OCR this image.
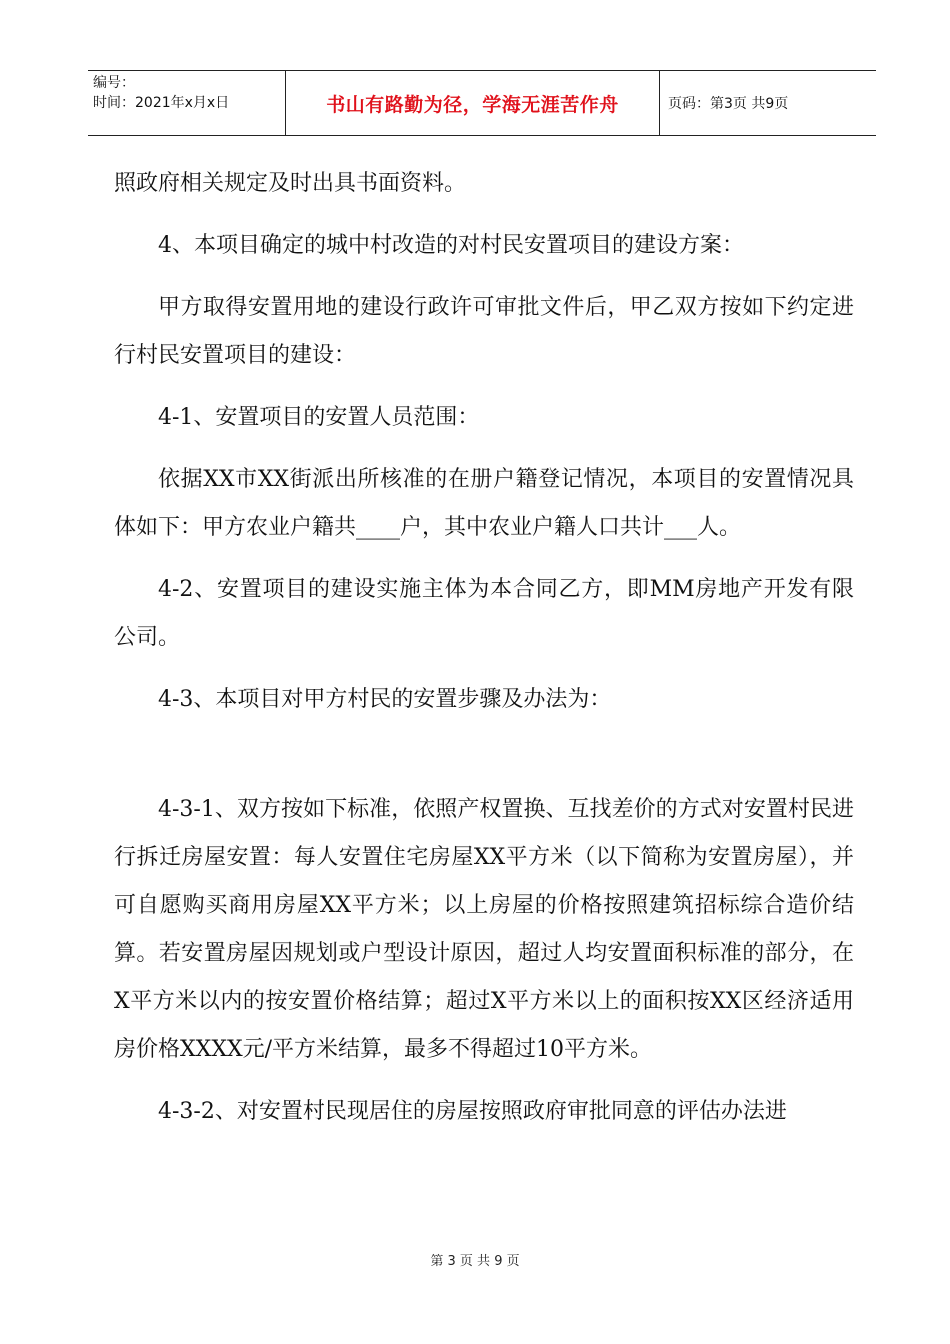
编号：
时间：2021年x月x日	书山有路勤为径，学海无涯苦作舟	页码：第3页 共9页

照政府相关规定及时出具书面资料。

4、本项目确定的城中村改造的对村民安置项目的建设方案：

甲方取得安置用地的建设行政许可审批文件后，甲乙双方按如下约定进行村民安置项目的建设：

4-1、安置项目的安置人员范围：

依据XX市XX街派出所核准的在册户籍登记情况，本项目的安置情况具体如下：甲方农业户籍共____户，其中农业户籍人口共计___人。

4-2、安置项目的建设实施主体为本合同乙方，即MM房地产开发有限公司。

4-3、本项目对甲方村民的安置步骤及办法为：

4-3-1、双方按如下标准，依照产权置换、互找差价的方式对安置村民进行拆迁房屋安置：每人安置住宅房屋XX平方米（以下简称为安置房屋），并可自愿购买商用房屋XX平方米；以上房屋的价格按照建筑招标综合造价结算。若安置房屋因规划或户型设计原因，超过人均安置面积标准的部分，在X平方米以内的按安置价格结算；超过X平方米以上的面积按XX区经济适用房价格XXXX元/平方米结算，最多不得超过10平方米。

4-3-2、对安置村民现居住的房屋按照政府审批同意的评估办法进

第 3 页 共 9 页
